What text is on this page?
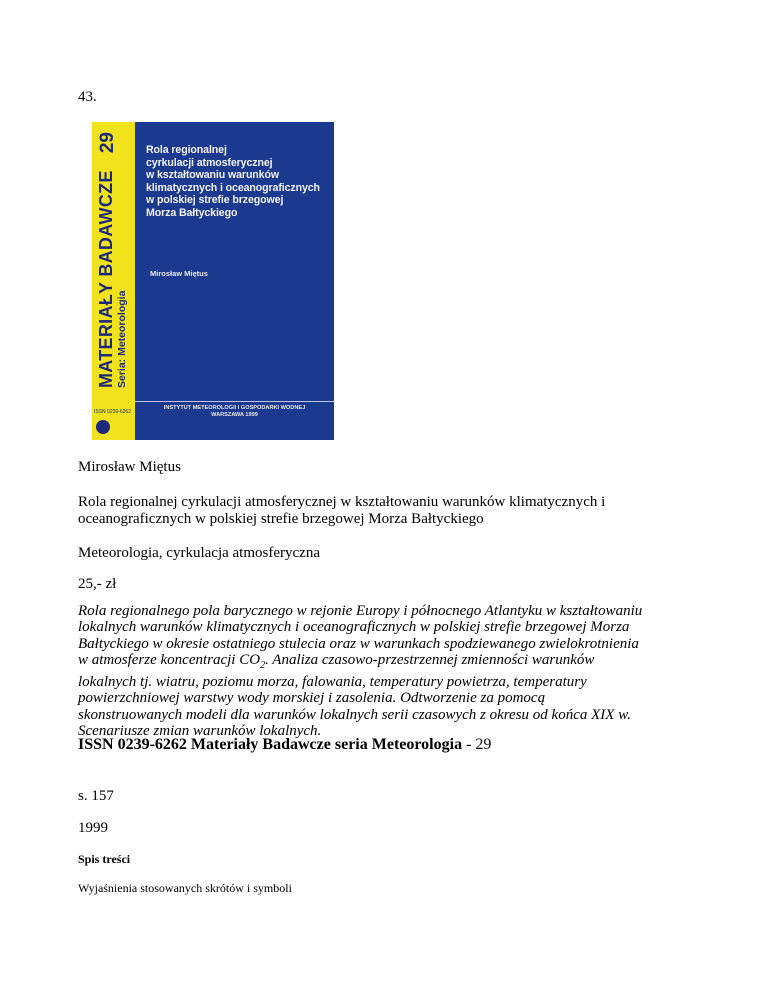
43.

29
MATERIAŁY BADAWCZE Seria: Meteorologia
ISSN 0239-6262
Rola regionalnej
cyrkulacji atmosferycznej
w kształtowaniu warunków
klimatycznych i oceanograficznych
w polskiej strefie brzegowej
Morza Bałtyckiego
Mirosław Miętus
INSTYTUT METEOROLOGII I GOSPODARKI WODNEJ
WARSZAWA 1999

Mirosław Miętus

Rola regionalnej cyrkulacji atmosferycznej w kształtowaniu warunków klimatycznych i
oceanograficznych w polskiej strefie brzegowej Morza Bałtyckiego

Meteorologia, cyrkulacja atmosferyczna

25,- zł

Rola regionalnego pola barycznego w rejonie Europy i północnego Atlantyku w kształtowaniu
lokalnych warunków klimatycznych i oceanograficznych w polskiej strefie brzegowej Morza
Bałtyckiego w okresie ostatniego stulecia oraz w warunkach spodziewanego zwielokrotnienia
w atmosferze koncentracji $CO_2$. Analiza czasowo-przestrzennej zmienności warunków
lokalnych tj. wiatru, poziomu morza, falowania, temperatury powietrza, temperatury
powierzchniowej warstwy wody morskiej i zasolenia. Odtworzenie za pomocą
skonstruowanych modeli dla warunków lokalnych serii czasowych z okresu od końca XIX w.
Scenariusze zmian warunków lokalnych.
ISSN 0239-6262 Materiały Badawcze seria Meteorologia - 29

s. 157

1999

Spis treści
Wyjaśnienia stosowanych skrótów i symboli
